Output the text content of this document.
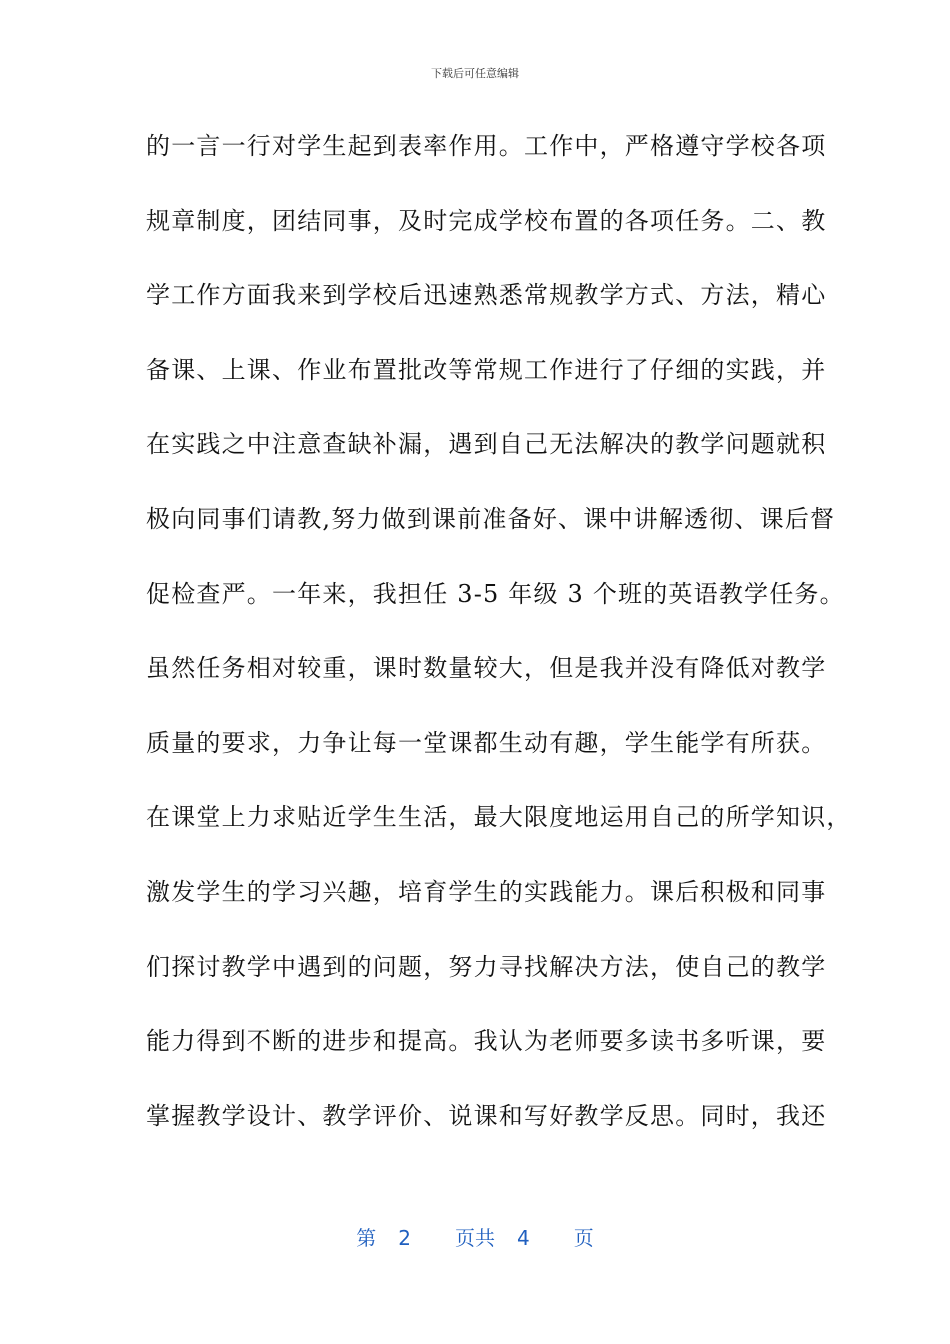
下载后可任意编辑
的一言一行对学生起到表率作用。工作中，严格遵守学校各项
规章制度，团结同事，及时完成学校布置的各项任务。二、教
学工作方面我来到学校后迅速熟悉常规教学方式、方法，精心
备课、上课、作业布置批改等常规工作进行了仔细的实践，并
在实践之中注意查缺补漏，遇到自己无法解决的教学问题就积
极向同事们请教,努力做到课前准备好、课中讲解透彻、课后督
促检查严。一年来，我担任 3-5 年级 3 个班的英语教学任务。
虽然任务相对较重，课时数量较大，但是我并没有降低对教学
质量的要求，力争让每一堂课都生动有趣，学生能学有所获。
在课堂上力求贴近学生生活，最大限度地运用自己的所学知识，
激发学生的学习兴趣，培育学生的实践能力。课后积极和同事
们探讨教学中遇到的问题，努力寻找解决方法，使自己的教学
能力得到不断的进步和提高。我认为老师要多读书多听课，要
掌握教学设计、教学评价、说课和写好教学反思。同时，我还
第 2 页共 4 页
